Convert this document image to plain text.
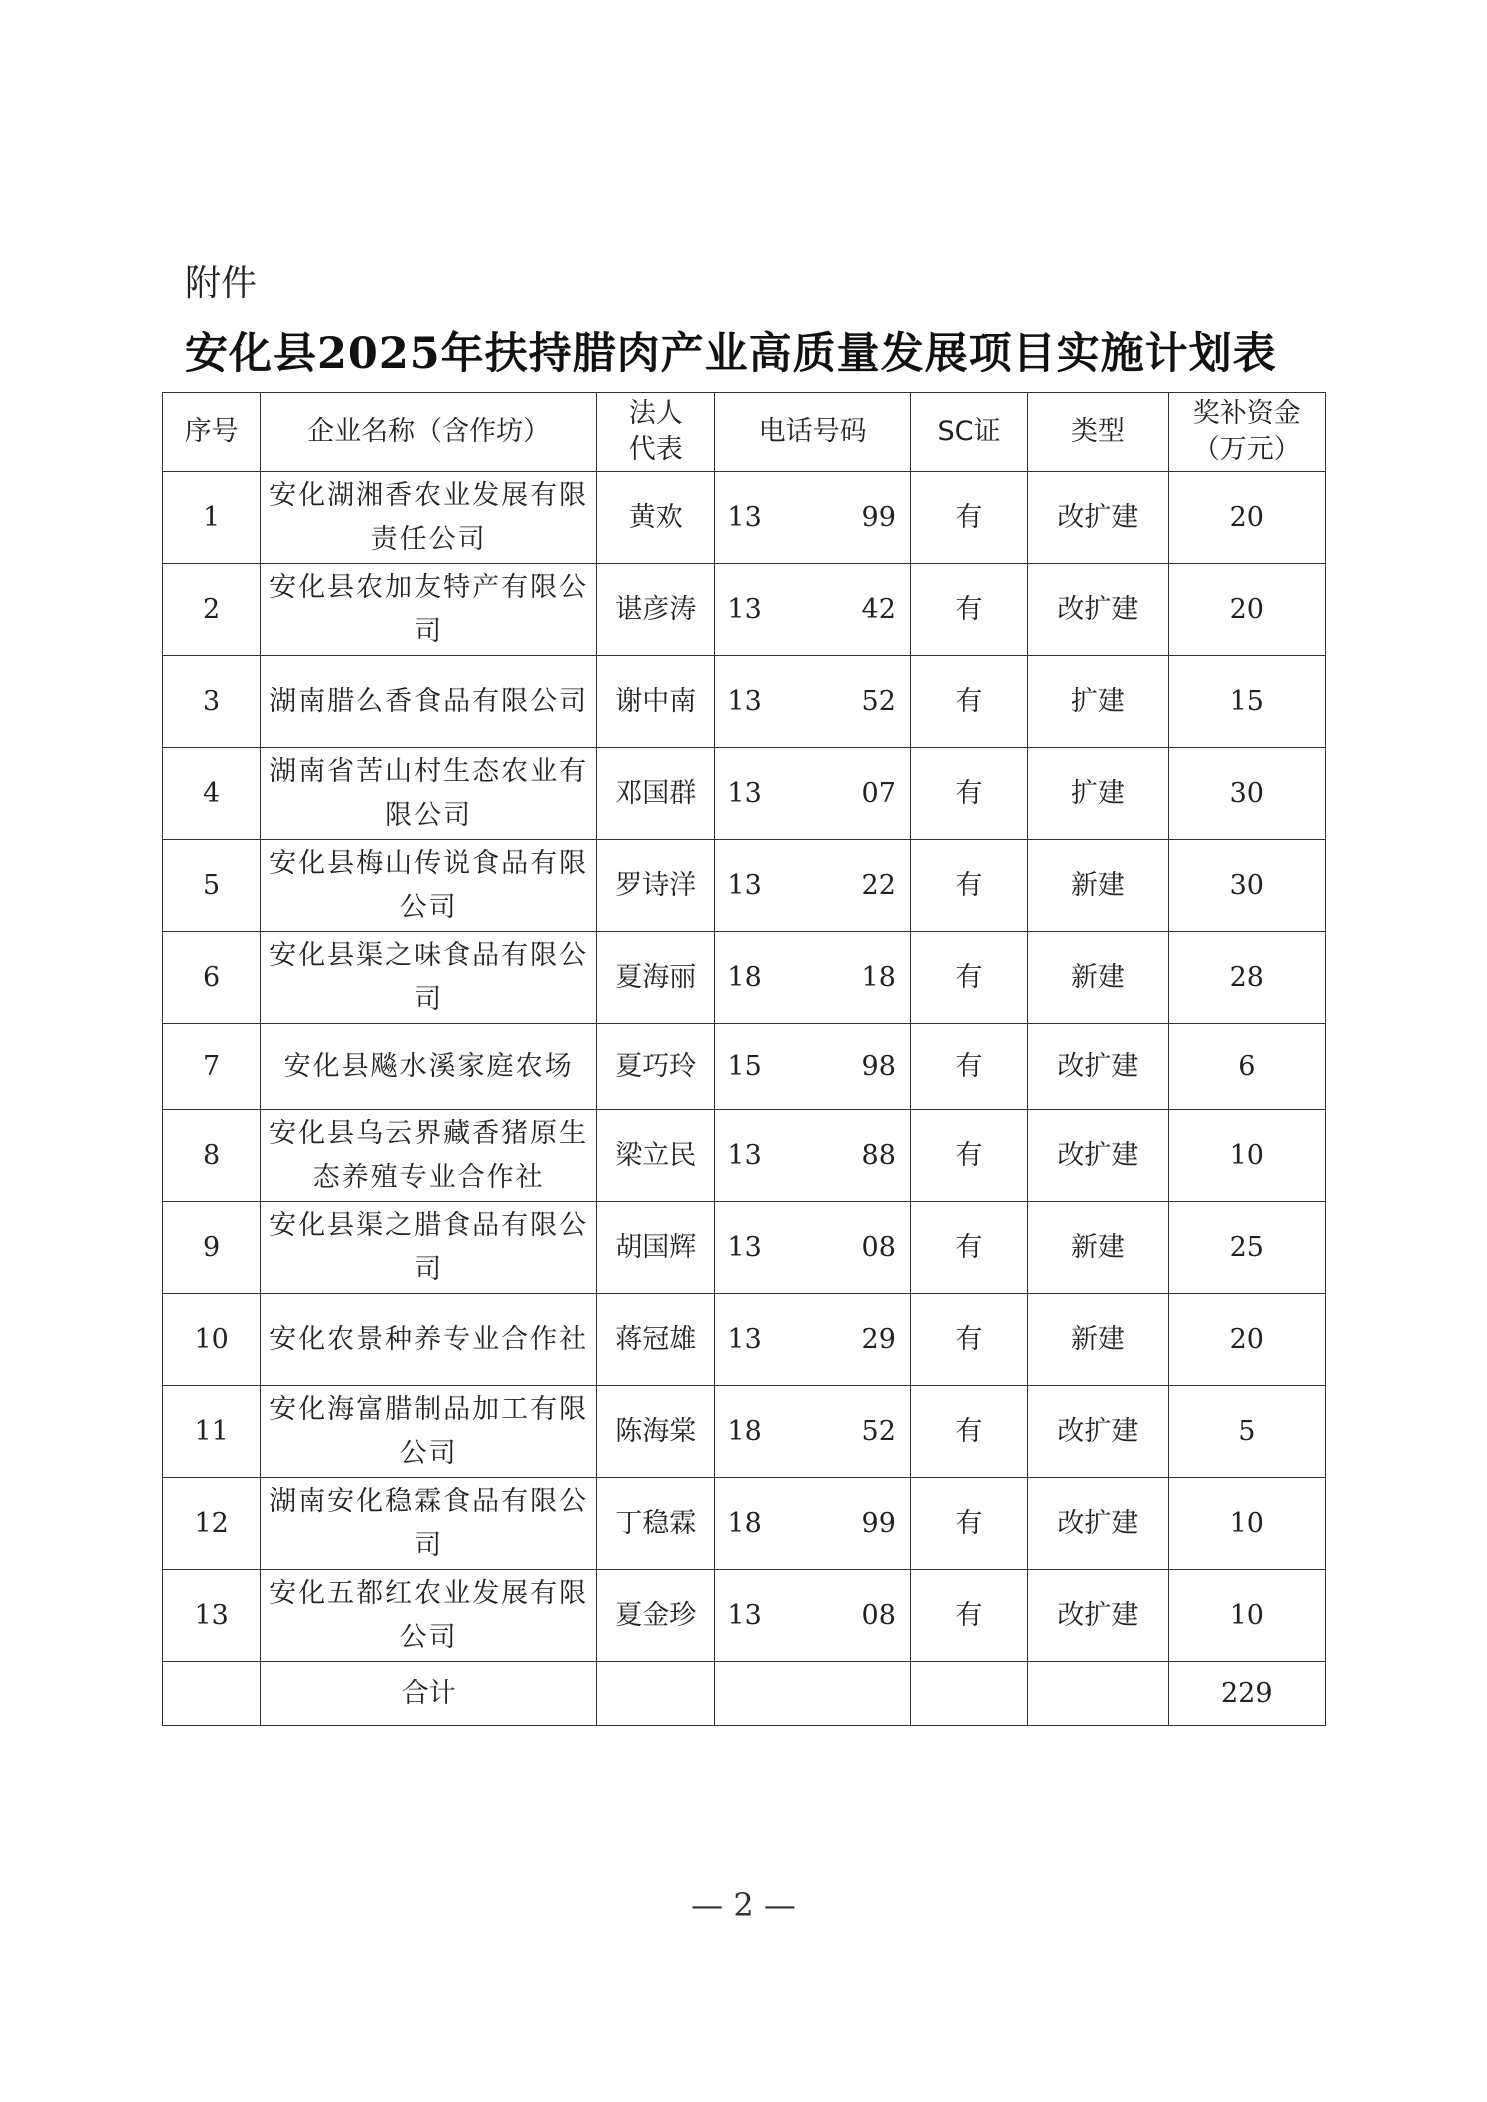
附件
安化县2025年扶持腊肉产业高质量发展项目实施计划表
序号	企业名称（含作坊）	法人代表	电话号码	SC证	类型	奖补资金（万元）
1	安化湖湘香农业发展有限责任公司	黄欢	13 99	有	改扩建	20
2	安化县农加友特产有限公司	谌彦涛	13 42	有	改扩建	20
3	湖南腊么香食品有限公司	谢中南	13 52	有	扩建	15
4	湖南省苦山村生态农业有限公司	邓国群	13 07	有	扩建	30
5	安化县梅山传说食品有限公司	罗诗洋	13 22	有	新建	30
6	安化县渠之味食品有限公司	夏海丽	18 18	有	新建	28
7	安化县飚水溪家庭农场	夏巧玲	15 98	有	改扩建	6
8	安化县乌云界藏香猪原生态养殖专业合作社	梁立民	13 88	有	改扩建	10
9	安化县渠之腊食品有限公司	胡国辉	13 08	有	新建	25
10	安化农景种养专业合作社	蒋冠雄	13 29	有	新建	20
11	安化海富腊制品加工有限公司	陈海棠	18 52	有	改扩建	5
12	湖南安化稳霖食品有限公司	丁稳霖	18 99	有	改扩建	10
13	安化五都红农业发展有限公司	夏金珍	13 08	有	改扩建	10
	合计					229
— 2 —
